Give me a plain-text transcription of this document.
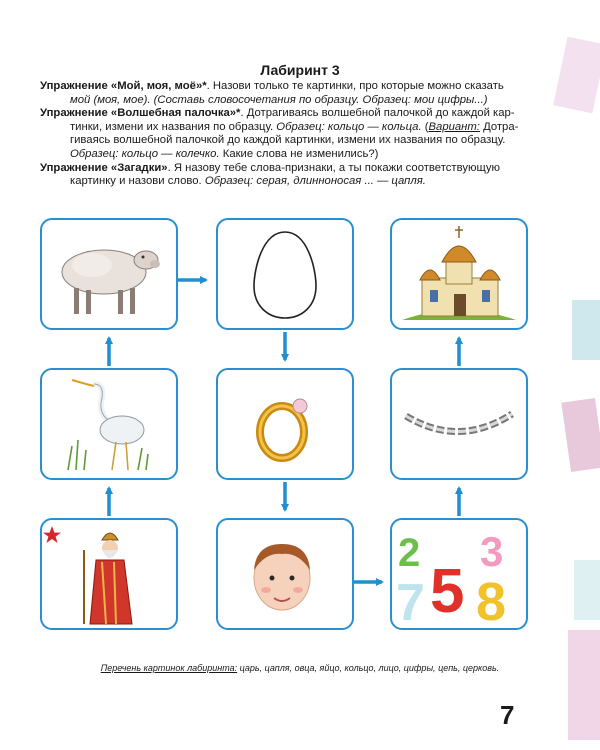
Лабиринт 3

Упражнение «Мой, моя, моё»*. Назови только те картинки, про которые можно сказать

мой (моя, мое). (Составь словосочетания по образцу. Образец: мои цифры...)

Упражнение «Волшебная палочка»*. Дотрагиваясь волшебной палочкой до каждой кар-

тинки, измени их названия по образцу. Образец: кольцо — кольца. (Вариант: Дотра-

гиваясь волшебной палочкой до каждой картинки, измени их названия по образцу.

Образец: кольцо — колечко. Какие слова не изменились?)

Упражнение «Загадки». Я назову тебе слова-признаки, а ты покажи соответствующую

картинку и назови слово. Образец: серая, длинноносая ... — цапля.

2 3
7 5 8
Перечень картинок лабиринта: царь, цапля, овца, яйцо, кольцо, лицо, цифры, цепь, церковь.
7
